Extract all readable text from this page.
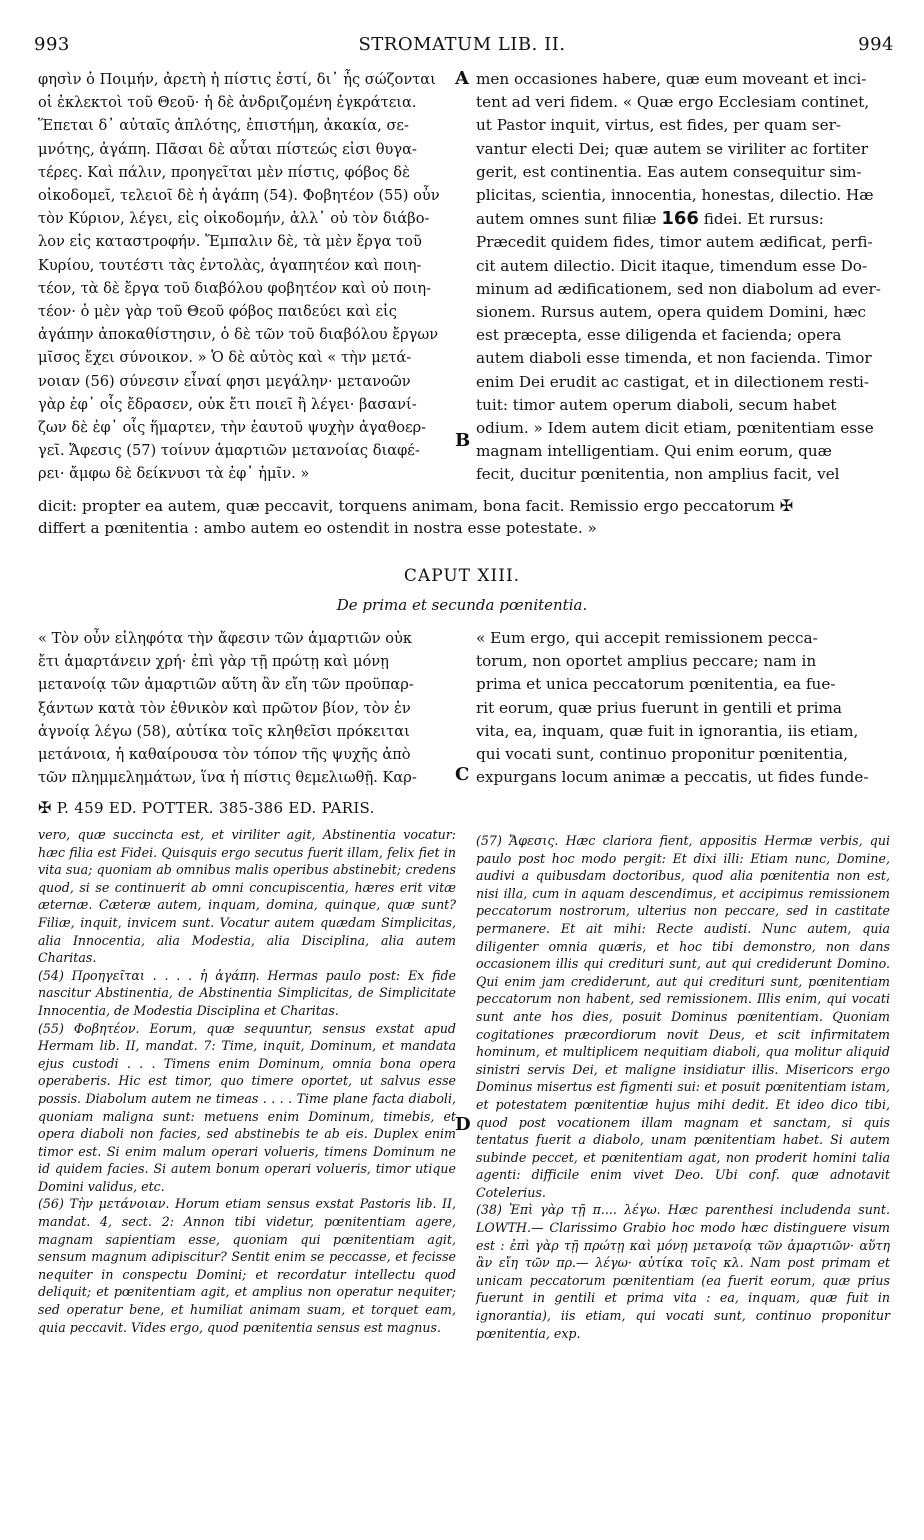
993	STROMATUM LIB. II.	994

φησὶν ὁ Ποιμήν, ἀρετὴ ἡ πίστις ἐστί, δι᾽ ἧς σώζονται

οἱ ἐκλεκτοὶ τοῦ Θεοῦ· ἡ δὲ ἀνδριζομένη ἐγκράτεια.

Ἕπεται δ᾽ αὐταῖς ἁπλότης, ἐπιστήμη, ἀκακία, σε-

μνότης, ἀγάπη. Πᾶσαι δὲ αὗται πίστεώς εἰσι θυγα-

τέρες. Καὶ πάλιν, προηγεῖται μὲν πίστις, φόβος δὲ

οἰκοδομεῖ, τελειοῖ δὲ ἡ ἀγάπη (54). Φοβητέον (55) οὖν

τὸν Κύριον, λέγει, εἰς οἰκοδομήν, ἀλλ᾽ οὐ τὸν διάβο-

λον εἰς καταστροφήν. Ἔμπαλιν δὲ, τὰ μὲν ἔργα τοῦ

Κυρίου, τουτέστι τὰς ἐντολὰς, ἀγαπητέον καὶ ποιη-

τέον, τὰ δὲ ἔργα τοῦ διαβόλου φοβητέον καὶ οὐ ποιη-

τέον· ὁ μὲν γὰρ τοῦ Θεοῦ φόβος παιδεύει καὶ εἰς

ἀγάπην ἀποκαθίστησιν, ὁ δὲ τῶν τοῦ διαβόλου ἔργων

μῖσος ἔχει σύνοικον. » Ὁ δὲ αὐτὸς καὶ « τὴν μετά-

νοιαν (56) σύνεσιν εἶναί φησι μεγάλην· μετανοῶν

γὰρ ἐφ᾽ οἷς ἔδρασεν, οὐκ ἔτι ποιεῖ ἢ λέγει· βασανί-

ζων δὲ ἐφ᾽ οἷς ἥμαρτεν, τὴν ἑαυτοῦ ψυχὴν ἀγαθοερ-

γεῖ. Ἄφεσις (57) τοίνυν ἁμαρτιῶν μετανοίας διαφέ-

ρει· ἄμφω δὲ δείκνυσι τὰ ἐφ᾽ ἡμῖν. »

A
B
C
D

men occasiones habere, quæ eum moveant et inci-

tent ad veri fidem. « Quæ ergo Ecclesiam continet,

ut Pastor inquit, virtus, est fides, per quam ser-

vantur electi Dei; quæ autem se viriliter ac fortiter

gerit, est continentia. Eas autem consequitur sim-

plicitas, scientia, innocentia, honestas, dilectio. Hæ

autem omnes sunt filiæ 166 fidei. Et rursus:

Præcedit quidem fides, timor autem ædificat, perfi-

cit autem dilectio. Dicit itaque, timendum esse Do-

minum ad ædificationem, sed non diabolum ad ever-

sionem. Rursus autem, opera quidem Domini, hæc

est præcepta, esse diligenda et facienda; opera

autem diaboli esse timenda, et non facienda. Timor

enim Dei erudit ac castigat, et in dilectionem resti-

tuit: timor autem operum diaboli, secum habet

odium. » Idem autem dicit etiam, pœnitentiam esse

magnam intelligentiam. Qui enim eorum, quæ

fecit, ducitur pœnitentia, non amplius facit, vel

dicit: propter ea autem, quæ peccavit, torquens animam, bona facit. Remissio ergo peccatorum ✠
differt a pœnitentia : ambo autem eo ostendit in nostra esse potestate. »
CAPUT XIII.
De prima et secunda pœnitentia.

« Τὸν οὖν εἰληφότα τὴν ἄφεσιν τῶν ἁμαρτιῶν οὐκ

ἔτι ἁμαρτάνειν χρή· ἐπὶ γὰρ τῇ πρώτῃ καὶ μόνῃ

μετανοίᾳ τῶν ἁμαρτιῶν αὕτη ἂν εἴη τῶν προϋπαρ-

ξάντων κατὰ τὸν ἐθνικὸν καὶ πρῶτον βίον, τὸν ἐν

ἀγνοίᾳ λέγω (58), αὐτίκα τοῖς κληθεῖσι πρόκειται

μετάνοια, ἡ καθαίρουσα τὸν τόπον τῆς ψυχῆς ἀπὸ

τῶν πλημμελημάτων, ἵνα ἡ πίστις θεμελιωθῇ. Καρ-

« Eum ergo, qui accepit remissionem pecca-

torum, non oportet amplius peccare; nam in

prima et unica peccatorum pœnitentia, ea fue-

rit eorum, quæ prius fuerunt in gentili et prima

vita, ea, inquam, quæ fuit in ignorantia, iis etiam,

qui vocati sunt, continuo proponitur pœnitentia,

expurgans locum animæ a peccatis, ut fides funde-

✠ P. 459 ED. POTTER. 385-386 ED. PARIS.

vero, quæ succincta est, et viriliter agit, Abstinentia vocatur: hæc filia est Fidei. Quisquis ergo secutus fuerit illam, felix fiet in vita sua; quoniam ab omnibus malis operibus abstinebit; credens quod, si se continuerit ab omni concupiscentia, hæres erit vitæ æternæ. Cæteræ autem, inquam, domina, quinque, quæ sunt? Filiæ, inquit, invicem sunt. Vocatur autem quædam Simplicitas, alia Innocentia, alia Modestia, alia Disciplina, alia autem Charitas.

(54) Προηγεῖται . . . . ἡ ἀγάπη. Hermas paulo post: Ex fide nascitur Abstinentia, de Abstinentia Simplicitas, de Simplicitate Innocentia, de Modestia Disciplina et Charitas.

(55) Φοβητέον. Eorum, quæ sequuntur, sensus exstat apud Hermam lib. II, mandat. 7: Time, inquit, Dominum, et mandata ejus custodi . . . Timens enim Dominum, omnia bona opera operaberis. Hic est timor, quo timere oportet, ut salvus esse possis. Diabolum autem ne timeas . . . . Time plane facta diaboli, quoniam maligna sunt: metuens enim Dominum, timebis, et opera diaboli non facies, sed abstinebis te ab eis. Duplex enim timor est. Si enim malum operari volueris, timens Dominum ne id quidem facies. Si autem bonum operari volueris, timor utique Domini validus, etc.

(56) Τὴν μετάνοιαν. Horum etiam sensus exstat Pastoris lib. II, mandat. 4, sect. 2: Annon tibi videtur, pœnitentiam agere, magnam sapientiam esse, quoniam qui pœnitentiam agit, sensum magnum adipiscitur? Sentit enim se peccasse, et fecisse nequiter in conspectu Domini; et recordatur intellectu quod deliquit; et pœnitentiam agit, et amplius non operatur nequiter; sed operatur bene, et humiliat animam suam, et torquet eam, quia peccavit. Vides ergo, quod pœnitentia sensus est magnus.

(57) Ἄφεσις. Hæc clariora fient, appositis Hermæ verbis, qui paulo post hoc modo pergit: Et dixi illi: Etiam nunc, Domine, audivi a quibusdam doctoribus, quod alia pœnitentia non est, nisi illa, cum in aquam descendimus, et accipimus remissionem peccatorum nostrorum, ulterius non peccare, sed in castitate permanere. Et ait mihi: Recte audisti. Nunc autem, quia diligenter omnia quæris, et hoc tibi demonstro, non dans occasionem illis qui credituri sunt, aut qui crediderunt Domino. Qui enim jam crediderunt, aut qui credituri sunt, pœnitentiam peccatorum non habent, sed remissionem. Illis enim, qui vocati sunt ante hos dies, posuit Dominus pœnitentiam. Quoniam cogitationes præcordiorum novit Deus, et scit infirmitatem hominum, et multiplicem nequitiam diaboli, qua molitur aliquid sinistri servis Dei, et maligne insidiatur illis. Misericors ergo Dominus misertus est figmenti sui: et posuit pœnitentiam istam, et potestatem pœnitentiæ hujus mihi dedit. Et ideo dico tibi, quod post vocationem illam magnam et sanctam, si quis tentatus fuerit a diabolo, unam pœnitentiam habet. Si autem subinde peccet, et pœnitentiam agat, non proderit homini talia agenti: difficile enim vivet Deo. Ubi conf. quæ adnotavit Cotelerius.

(38) Ἐπὶ γὰρ τῇ π.... λέγω. Hæc parenthesi includenda sunt. LOWTH.— Clarissimo Grabio hoc modo hæc distinguere visum est : ἐπὶ γὰρ τῇ πρώτῃ καὶ μόνῃ μετανοίᾳ τῶν ἁμαρτιῶν· αὕτη ἂν εἴη τῶν πρ.— λέγω· αὐτίκα τοῖς κλ. Nam post primam et unicam peccatorum pœnitentiam (ea fuerit eorum, quæ prius fuerunt in gentili et prima vita : ea, inquam, quæ fuit in ignorantia), iis etiam, qui vocati sunt, continuo proponitur pœnitentia, exp.
